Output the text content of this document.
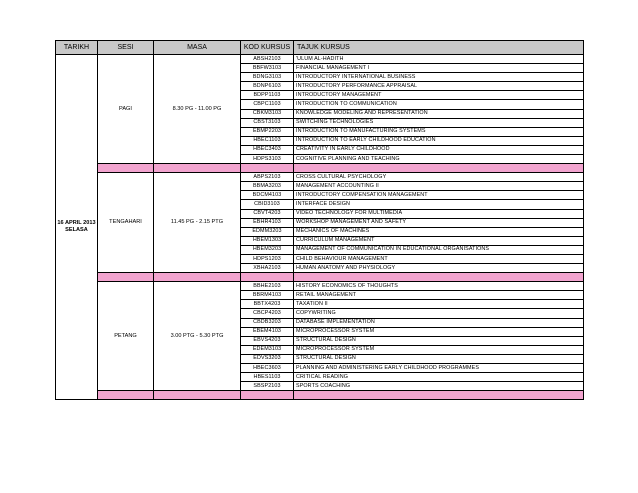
TARIKH	SESI	MASA	KOD KURSUS	TAJUK KURSUS

16 APRIL 2013
SELASA	PAGI	8.30 PG - 11.00 PG	ABSH2103	'ULUM AL-HADITH
			BBFW3103	FINANCIAL MANAGEMENT I
			BDNG3103	INTRODUCTORY INTERNATIONAL BUSINESS
			BDNP6103	INTRODUCTORY PERFORMANCE APPRAISAL
			BDPP1103	INTRODUCTORY MANAGEMENT
			CBPC1103	INTRODUCTION TO COMMUNICATION
			CBKM3103	KNOWLEDGE MODELING AND REPRESENTATION
			CBST3103	SWITCHING TECHNOLOGIES
			EBMP2203	INTRODUCTION TO MANUFACTURING SYSTEMS
			HBEC1103	INTRODUCTION TO EARLY CHILDHOOD EDUCATION
			HBEC3403	CREATIVITY IN EARLY CHILDHOOD
			HDPS3103	COGNITIVE PLANNING AND TEACHING

	TENGAHARI	11.45 PG - 2.15 PTG	ABPS2103	CROSS CULTURAL PSYCHOLOGY
			BBMA3203	MANAGEMENT ACCOUNTING II
			BDCM4103	INTRODUCTORY COMPENSATION MANAGEMENT
			CBID3103	INTERFACE DESIGN
			CBVT4203	VIDEO TECHNOLOGY FOR MULTIMEDIA
			EBHR4103	WORKSHOP MANAGEMENT AND SAFETY
			EDMM3203	MECHANICS OF MACHINES
			HBEM1303	CURRICULUM MANAGEMENT
			HBEM3203	MANAGEMENT OF COMMUNICATION IN EDUCATIONAL ORGANISATIONS
			HDPS1203	CHILD BEHAVIOUR MANAGEMENT
			XBHA2103	HUMAN ANATOMY AND PHYSIOLOGY

	PETANG	3.00 PTG - 5.30 PTG	BBHE2103	HISTORY ECONOMICS OF THOUGHTS
			BBRM4103	RETAIL MANAGEMENT
			BBTX4203	TAXATION II
			CBCP4203	COPYWRITING
			CBDB3203	DATABASE IMPLEMENTATION
			EBEM4103	MICROPROCESSOR SYSTEM
			EBVS4203	STRUCTURAL DESIGN
			EDEM3103	MICROPROCESSOR SYSTEM
			EDVS3203	STRUCTURAL DESIGN
			HBEC3603	PLANNING AND ADMINISTERING EARLY CHILDHOOD PROGRAMMES
			HBES1103	CRITICAL READING
			SBSP2103	SPORTS COACHING
